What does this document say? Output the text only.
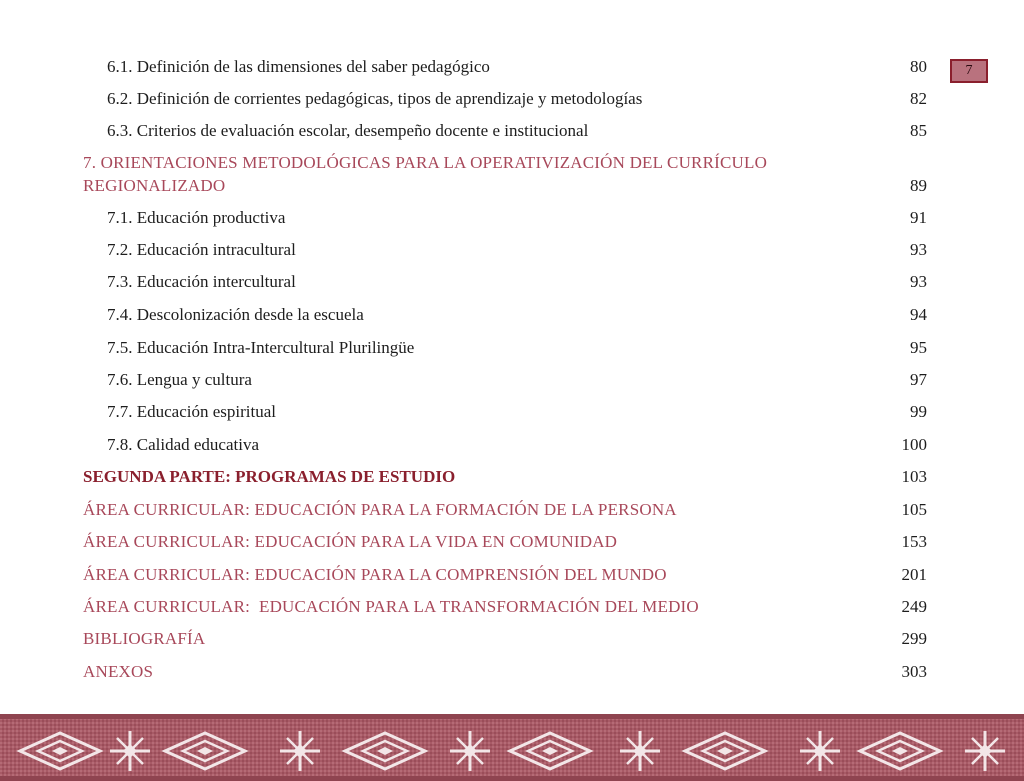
6.1. Definición de las dimensiones del saber pedagógico	80
6.2. Definición de corrientes pedagógicas, tipos de aprendizaje y metodologías	82
6.3. Criterios de evaluación escolar, desempeño docente e institucional	85
7. ORIENTACIONES METODOLÓGICAS PARA LA OPERATIVIZACIÓN DEL CURRÍCULO
REGIONALIZADO	89
7.1. Educación productiva	91
7.2. Educación intracultural	93
7.3. Educación intercultural	93
7.4. Descolonización desde la escuela	94
7.5. Educación Intra-Intercultural Plurilingüe	95
7.6. Lengua y cultura	97
7.7. Educación espiritual	99
7.8. Calidad educativa	100
SEGUNDA PARTE: PROGRAMAS DE ESTUDIO	103
ÁREA CURRICULAR: EDUCACIÓN PARA LA FORMACIÓN DE LA PERSONA	105
ÁREA CURRICULAR: EDUCACIÓN PARA LA VIDA EN COMUNIDAD	153
ÁREA CURRICULAR: EDUCACIÓN PARA LA COMPRENSIÓN DEL MUNDO	201
ÁREA CURRICULAR:  EDUCACIÓN PARA LA TRANSFORMACIÓN DEL MEDIO	249
BIBLIOGRAFÍA	299
ANEXOS	303
7
